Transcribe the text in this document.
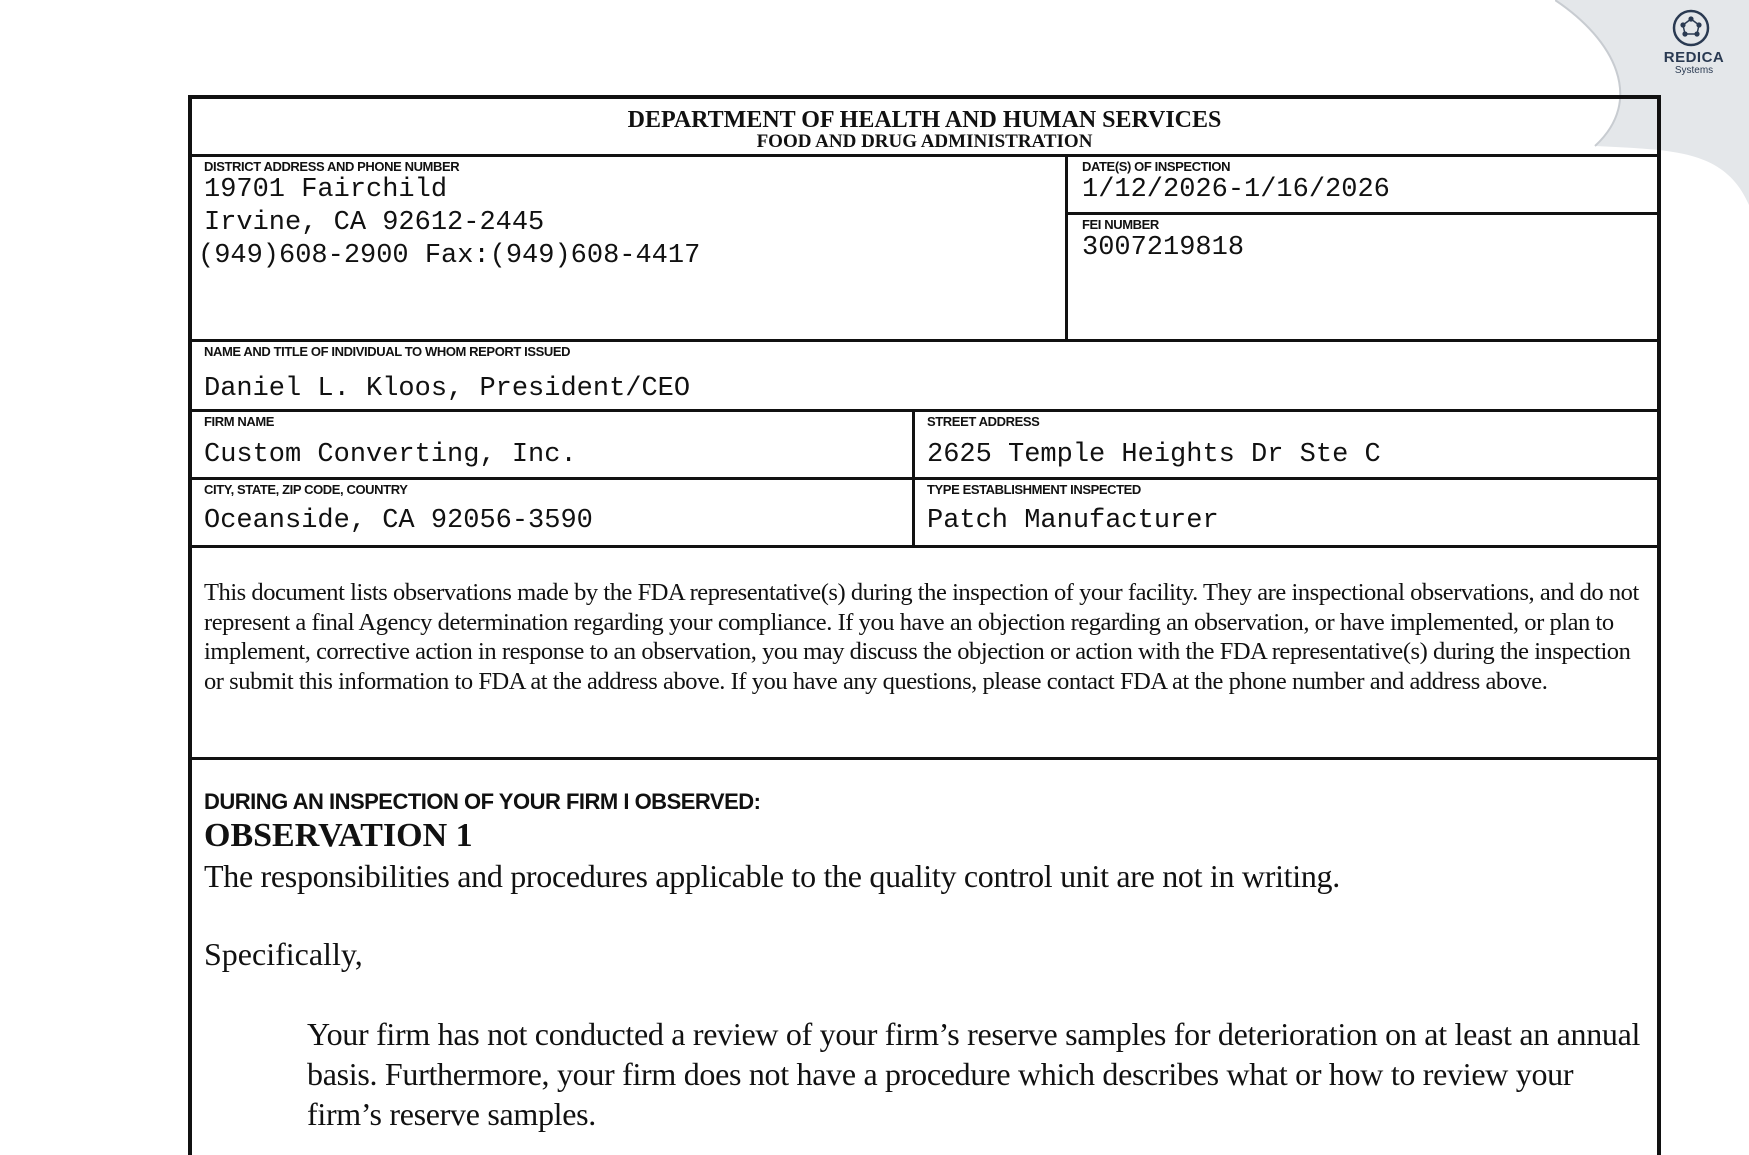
REDICA
Systems
DEPARTMENT OF HEALTH AND HUMAN SERVICES
FOOD AND DRUG ADMINISTRATION
DISTRICT ADDRESS AND PHONE NUMBER
19701 Fairchild
Irvine, CA 92612-2445
(949)608-2900 Fax:(949)608-4417
DATE(S) OF INSPECTION
1/12/2026-1/16/2026
FEI NUMBER
3007219818
NAME AND TITLE OF INDIVIDUAL TO WHOM REPORT ISSUED
Daniel L. Kloos, President/CEO
FIRM NAME
Custom Converting, Inc.
STREET ADDRESS
2625 Temple Heights Dr Ste C
CITY, STATE, ZIP CODE, COUNTRY
Oceanside, CA 92056-3590
TYPE ESTABLISHMENT INSPECTED
Patch Manufacturer
This document lists observations made by the FDA representative(s) during the inspection of your facility. They are inspectional observations, and do not represent a final Agency determination regarding your compliance. If you have an objection regarding an observation, or have implemented, or plan to implement, corrective action in response to an observation, you may discuss the objection or action with the FDA representative(s) during the inspection or submit this information to FDA at the address above. If you have any questions, please contact FDA at the phone number and address above.
DURING AN INSPECTION OF YOUR FIRM I OBSERVED:
OBSERVATION 1
The responsibilities and procedures applicable to the quality control unit are not in writing.
Specifically,
Your firm has not conducted a review of your firm’s reserve samples for deterioration on at least an annual basis. Furthermore, your firm does not have a procedure which describes what or how to review your firm’s reserve samples.
